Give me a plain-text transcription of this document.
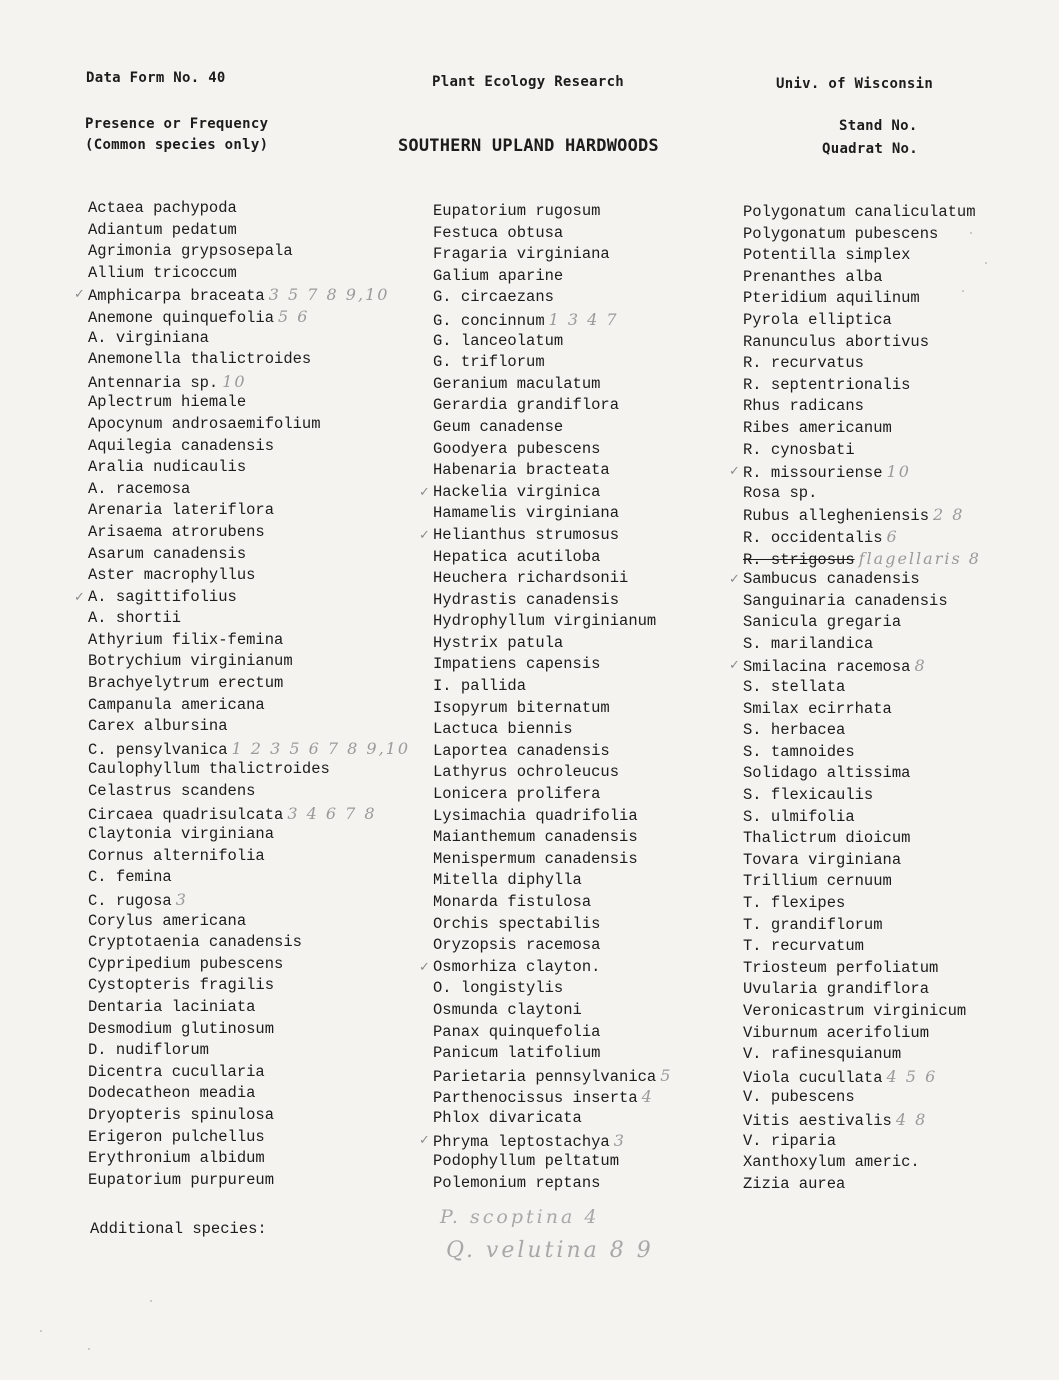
Data Form No. 40	Plant Ecology Research	Univ. of Wisconsin
Presence or Frequency
(Common species only)	SOUTHERN UPLAND HARDWOODS
Stand No.
Quadrat No.
Actaea pachypoda
Adiantum pedatum
Agrimonia grypsosepala
Allium tricoccum
✓ Amphicarpa braceata 3 5 7 8 9,10
Anemone quinquefolia 5 6
A. virginiana
Anemonella thalictroides
Antennaria sp. 10
Aplectrum hiemale
Apocynum androsaemifolium
Aquilegia canadensis
Aralia nudicaulis
A. racemosa
Arenaria lateriflora
Arisaema atrorubens
Asarum canadensis
Aster macrophyllus
✓ A. sagittifolius
A. shortii
Athyrium filix-femina
Botrychium virginianum
Brachyelytrum erectum
Campanula americana
Carex albursina
C. pensylvanica 1 2 3 5 6 7 8 9,10
Caulophyllum thalictroides
Celastrus scandens
Circaea quadrisulcata 3 4 6 7 8
Claytonia virginiana
Cornus alternifolia
C. femina
C. rugosa 3
Corylus americana
Cryptotaenia canadensis
Cypripedium pubescens
Cystopteris fragilis
Dentaria laciniata
Desmodium glutinosum
D. nudiflorum
Dicentra cucullaria
Dodecatheon meadia
Dryopteris spinulosa
Erigeron pulchellus
Erythronium albidum
Eupatorium purpureum
Eupatorium rugosum
Festuca obtusa
Fragaria virginiana
Galium aparine
G. circaezans
G. concinnum 1 3 4 7
G. lanceolatum
G. triflorum
Geranium maculatum
Gerardia grandiflora
Geum canadense
Goodyera pubescens
Habenaria bracteata
✓ Hackelia virginica
Hamamelis virginiana
✓ Helianthus strumosus
Hepatica acutiloba
Heuchera richardsonii
Hydrastis canadensis
Hydrophyllum virginianum
Hystrix patula
Impatiens capensis
I. pallida
Isopyrum biternatum
Lactuca biennis
Laportea canadensis
Lathyrus ochroleucus
Lonicera prolifera
Lysimachia quadrifolia
Maianthemum canadensis
Menispermum canadensis
Mitella diphylla
Monarda fistulosa
Orchis spectabilis
Oryzopsis racemosa
✓ Osmorhiza clayton.
O. longistylis
Osmunda claytoni
Panax quinquefolia
Panicum latifolium
Parietaria pennsylvanica 5
Parthenocissus inserta 4
Phlox divaricata
✓ Phryma leptostachya 3
Podophyllum peltatum
Polemonium reptans
Polygonatum canaliculatum
Polygonatum pubescens
Potentilla simplex
Prenanthes alba
Pteridium aquilinum
Pyrola elliptica
Ranunculus abortivus
R. recurvatus
R. septentrionalis
Rhus radicans
Ribes americanum
R. cynosbati
✓ R. missouriense 10
Rosa sp.
Rubus allegheniensis 2 8
R. occidentalis 6
R. strigosus flagellaris 8
✓ Sambucus canadensis
Sanguinaria canadensis
Sanicula gregaria
S. marilandica
✓ Smilacina racemosa 8
S. stellata
Smilax ecirrhata
S. herbacea
S. tamnoides
Solidago altissima
S. flexicaulis
S. ulmifolia
Thalictrum dioicum
Tovara virginiana
Trillium cernuum
T. flexipes
T. grandiflorum
T. recurvatum
Triosteum perfoliatum
Uvularia grandiflora
Veronicastrum virginicum
Viburnum acerifolium
V. rafinesquianum
Viola cucullata 4 5 6
V. pubescens
Vitis aestivalis 4 8
V. riparia
Xanthoxylum americ.
Zizia aurea
Additional species:
P. scoptina 4
Q. velutina 8 9
